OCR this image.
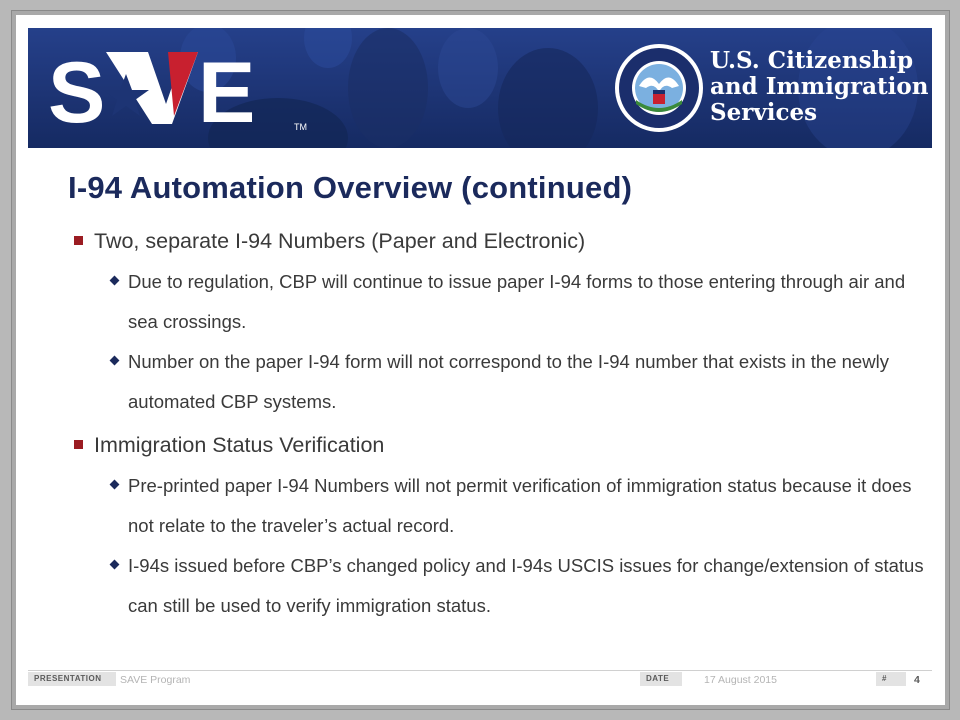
S E	TM
U.S. Citizenship
and Immigration
Services
I-94 Automation Overview (continued)
Two, separate I-94 Numbers (Paper and Electronic)
Due to regulation, CBP will continue to issue paper I-94 forms to those entering through air and sea crossings.
Number on the paper I-94 form will not correspond to the I-94 number that exists in the newly automated CBP systems.
Immigration Status Verification
Pre-printed paper I-94 Numbers will not permit verification of immigration status because it does not relate to the traveler’s actual record.
I-94s issued before CBP’s changed policy and I-94s USCIS issues for change/extension of status can still be used to verify immigration status.
PRESENTATION	SAVE Program	DATE	17 August 2015	#	4
